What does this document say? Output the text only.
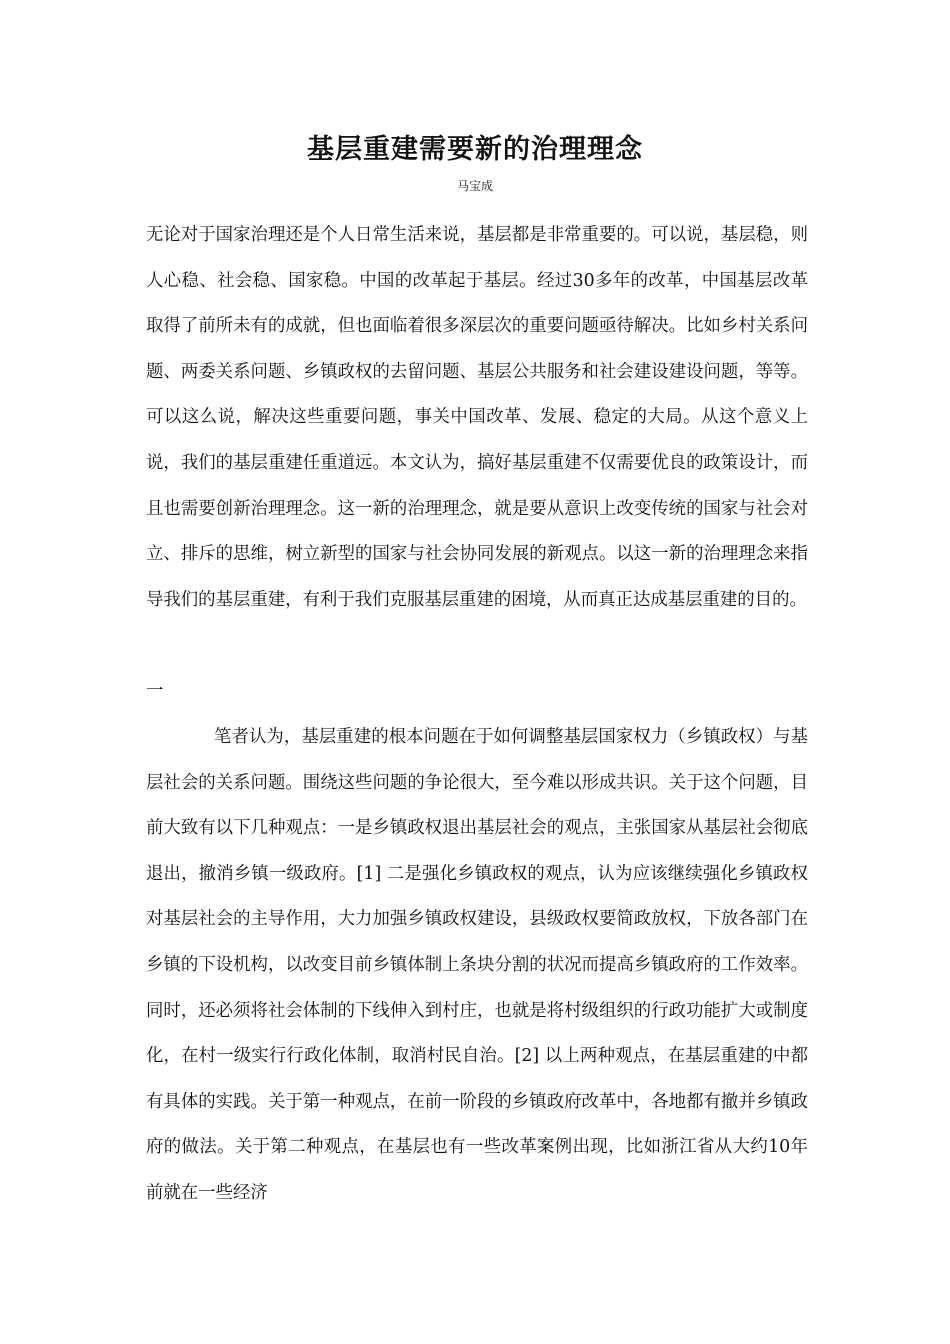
基层重建需要新的治理理念

马宝成

无论对于国家治理还是个人日常生活来说，基层都是非常重要的。可以说，基层稳，则人心稳、社会稳、国家稳。中国的改革起于基层。经过30多年的改革，中国基层改革取得了前所未有的成就，但也面临着很多深层次的重要问题亟待解决。比如乡村关系问题、两委关系问题、乡镇政权的去留问题、基层公共服务和社会建设建设问题，等等。可以这么说，解决这些重要问题，事关中国改革、发展、稳定的大局。从这个意义上说，我们的基层重建任重道远。本文认为，搞好基层重建不仅需要优良的政策设计，而且也需要创新治理理念。这一新的治理理念，就是要从意识上改变传统的国家与社会对立、排斥的思维，树立新型的国家与社会协同发展的新观点。以这一新的治理理念来指导我们的基层重建，有利于我们克服基层重建的困境，从而真正达成基层重建的目的。

一

笔者认为，基层重建的根本问题在于如何调整基层国家权力（乡镇政权）与基层社会的关系问题。围绕这些问题的争论很大，至今难以形成共识。关于这个问题，目前大致有以下几种观点：一是乡镇政权退出基层社会的观点，主张国家从基层社会彻底退出，撤消乡镇一级政府。[1] 二是强化乡镇政权的观点，认为应该继续强化乡镇政权对基层社会的主导作用，大力加强乡镇政权建设，县级政权要简政放权，下放各部门在乡镇的下设机构，以改变目前乡镇体制上条块分割的状况而提高乡镇政府的工作效率。同时，还必须将社会体制的下线伸入到村庄，也就是将村级组织的行政功能扩大或制度化，在村一级实行行政化体制，取消村民自治。[2] 以上两种观点，在基层重建的中都有具体的实践。关于第一种观点，在前一阶段的乡镇政府改革中，各地都有撤并乡镇政府的做法。关于第二种观点，在基层也有一些改革案例出现，比如浙江省从大约10年前就在一些经济
